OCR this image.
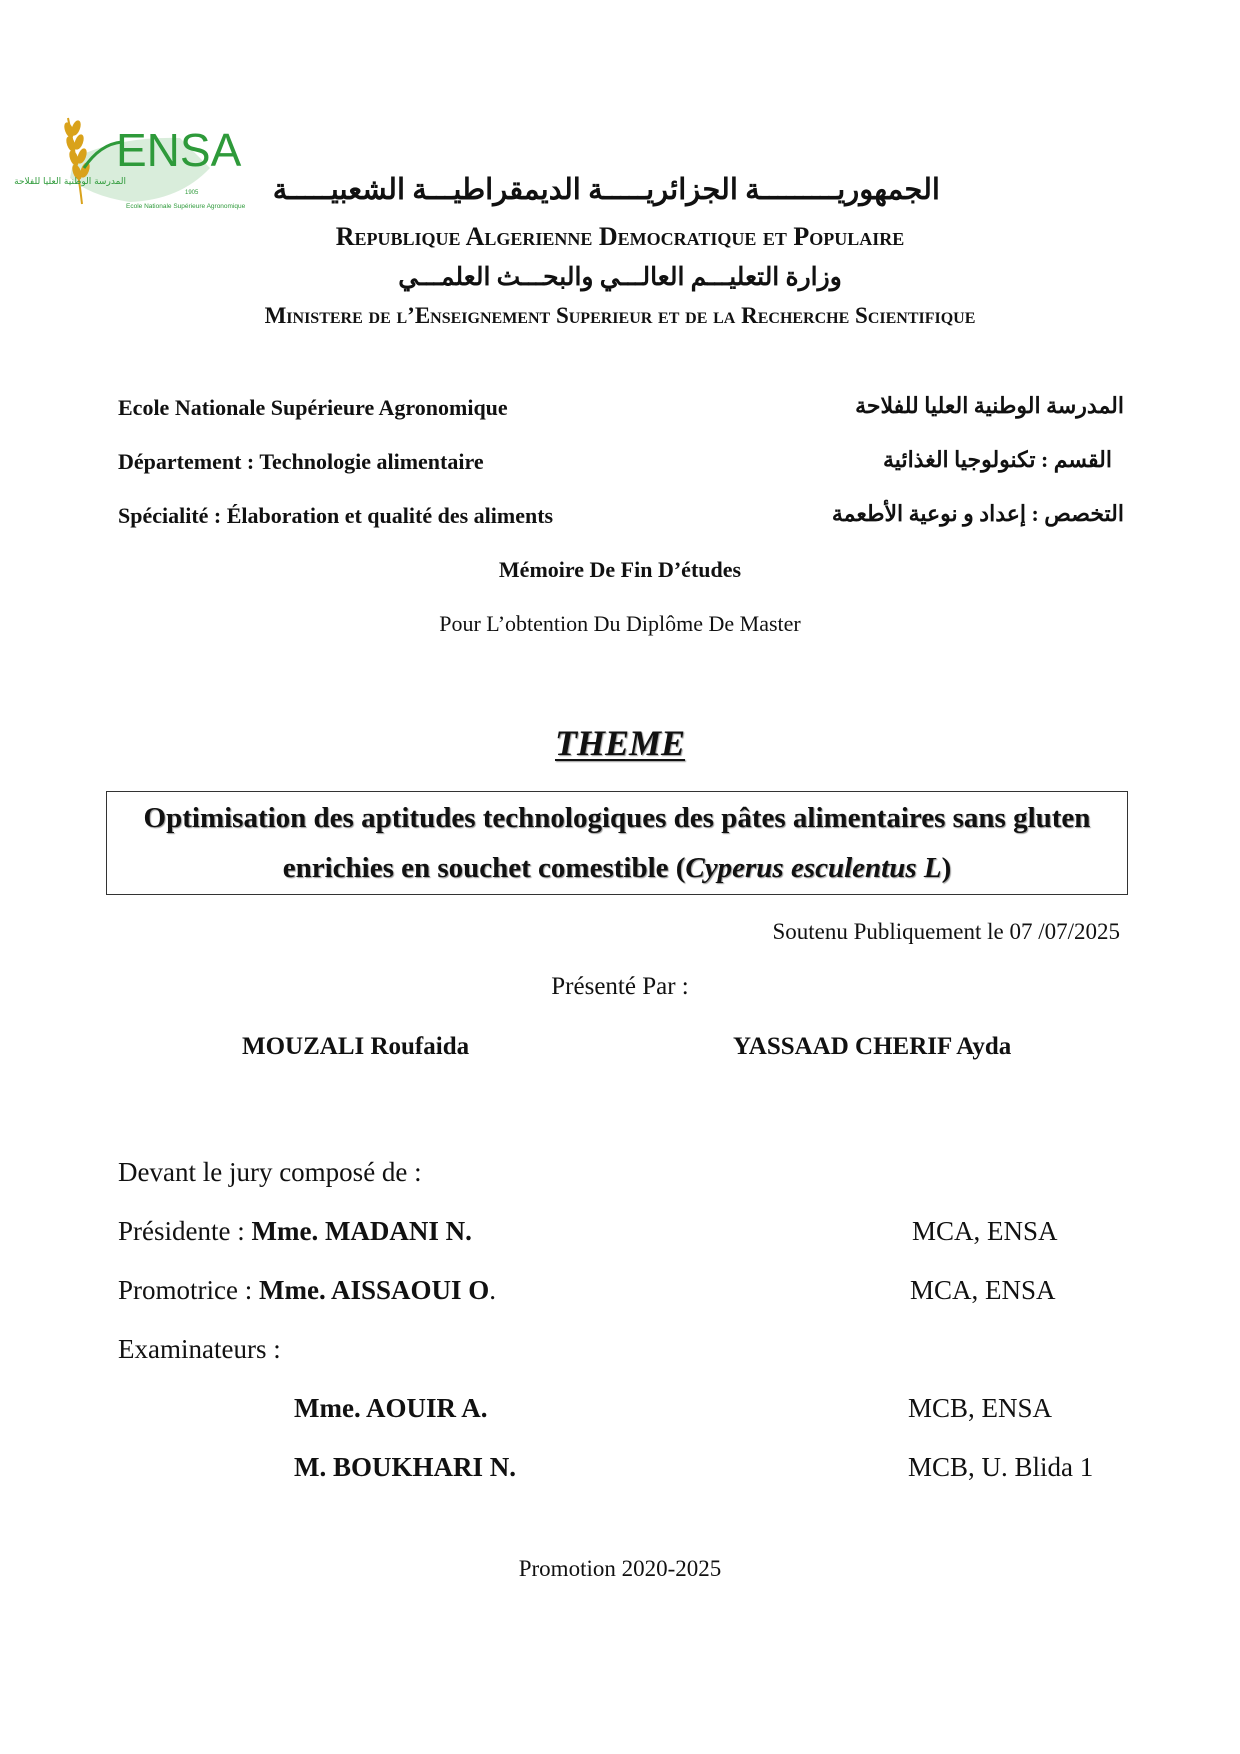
ENSA
المدرسة الوطنية العليا للفلاحة
1905
Ecole Nationale Supérieure Agronomique
الجمهوريـــــــــة الجزائريـــــة الديمقراطيـــة الشعبيـــــة
Republique Algerienne Democratique et Populaire
وزارة التعليـــم العالـــي والبحـــث العلمـــي
Ministere de l’Enseignement Superieur et de la Recherche Scientifique
Ecole Nationale Supérieure Agronomique	المدرسة الوطنية العليا للفلاحة
Département : Technologie alimentaire	القسم : تكنولوجيا الغذائية
Spécialité : Élaboration et qualité des aliments	التخصص : إعداد و نوعية الأطعمة
Mémoire De Fin D’études
Pour L’obtention Du Diplôme De Master
THEME
Optimisation des aptitudes technologiques des pâtes alimentaires sans gluten enrichies en souchet comestible (Cyperus esculentus L)
Soutenu Publiquement le 07 /07/2025
Présenté Par :
MOUZALI Roufaida	YASSAAD CHERIF Ayda
Devant le jury composé de :
Présidente : Mme. MADANI N.	MCA, ENSA
Promotrice : Mme. AISSAOUI O.	MCA, ENSA
Examinateurs :
Mme. AOUIR A.	MCB, ENSA
M. BOUKHARI N.	MCB, U. Blida 1
Promotion 2020-2025
